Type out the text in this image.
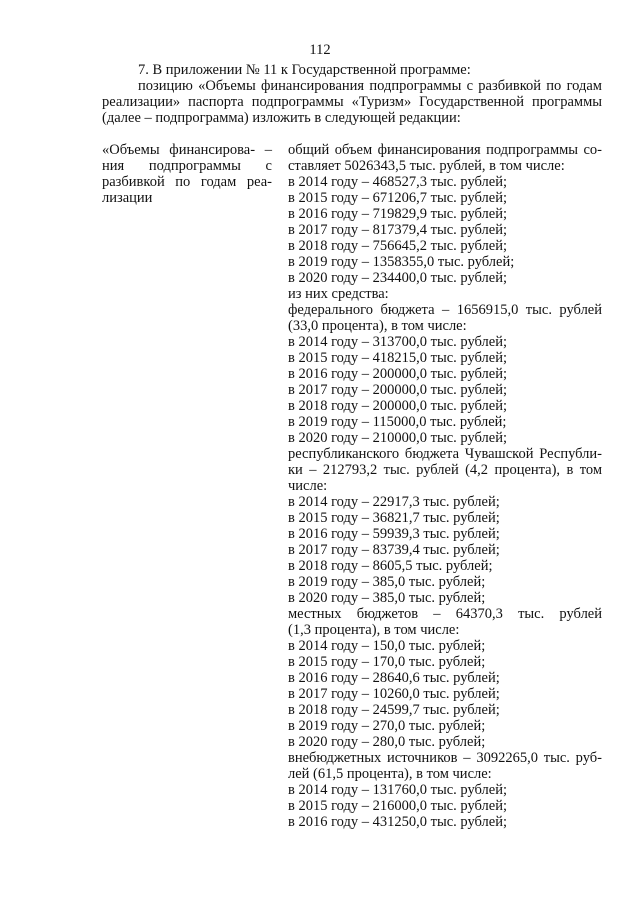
112
7. В приложении № 11 к Государственной программе:
позицию «Объемы финансирования подпрограммы с разбивкой по годам
реализации» паспорта подпрограммы «Туризм» Государственной программы
(далее – подпрограмма) изложить в следующей редакции:
«Объемы финансирова- –
ния подпрограммы с
разбивкой по годам реа-
лизации
общий объем финансирования подпрограммы со-
ставляет 5026343,5 тыс. рублей, в том числе:
в 2014 году – 468527,3 тыс. рублей;
в 2015 году – 671206,7 тыс. рублей;
в 2016 году – 719829,9 тыс. рублей;
в 2017 году – 817379,4 тыс. рублей;
в 2018 году – 756645,2 тыс. рублей;
в 2019 году – 1358355,0 тыс. рублей;
в 2020 году – 234400,0 тыс. рублей;
из них средства:
федерального бюджета – 1656915,0 тыс. рублей
(33,0 процента), в том числе:
в 2014 году – 313700,0 тыс. рублей;
в 2015 году – 418215,0 тыс. рублей;
в 2016 году – 200000,0 тыс. рублей;
в 2017 году – 200000,0 тыс. рублей;
в 2018 году – 200000,0 тыс. рублей;
в 2019 году – 115000,0 тыс. рублей;
в 2020 году – 210000,0 тыс. рублей;
республиканского бюджета Чувашской Республи-
ки – 212793,2 тыс. рублей (4,2 процента), в том
числе:
в 2014 году – 22917,3 тыс. рублей;
в 2015 году – 36821,7 тыс. рублей;
в 2016 году – 59939,3 тыс. рублей;
в 2017 году – 83739,4 тыс. рублей;
в 2018 году – 8605,5 тыс. рублей;
в 2019 году – 385,0 тыс. рублей;
в 2020 году – 385,0 тыс. рублей;
местных бюджетов – 64370,3 тыс. рублей
(1,3 процента), в том числе:
в 2014 году – 150,0 тыс. рублей;
в 2015 году – 170,0 тыс. рублей;
в 2016 году – 28640,6 тыс. рублей;
в 2017 году – 10260,0 тыс. рублей;
в 2018 году – 24599,7 тыс. рублей;
в 2019 году – 270,0 тыс. рублей;
в 2020 году – 280,0 тыс. рублей;
внебюджетных источников – 3092265,0 тыс. руб-
лей (61,5 процента), в том числе:
в 2014 году – 131760,0 тыс. рублей;
в 2015 году – 216000,0 тыс. рублей;
в 2016 году – 431250,0 тыс. рублей;
